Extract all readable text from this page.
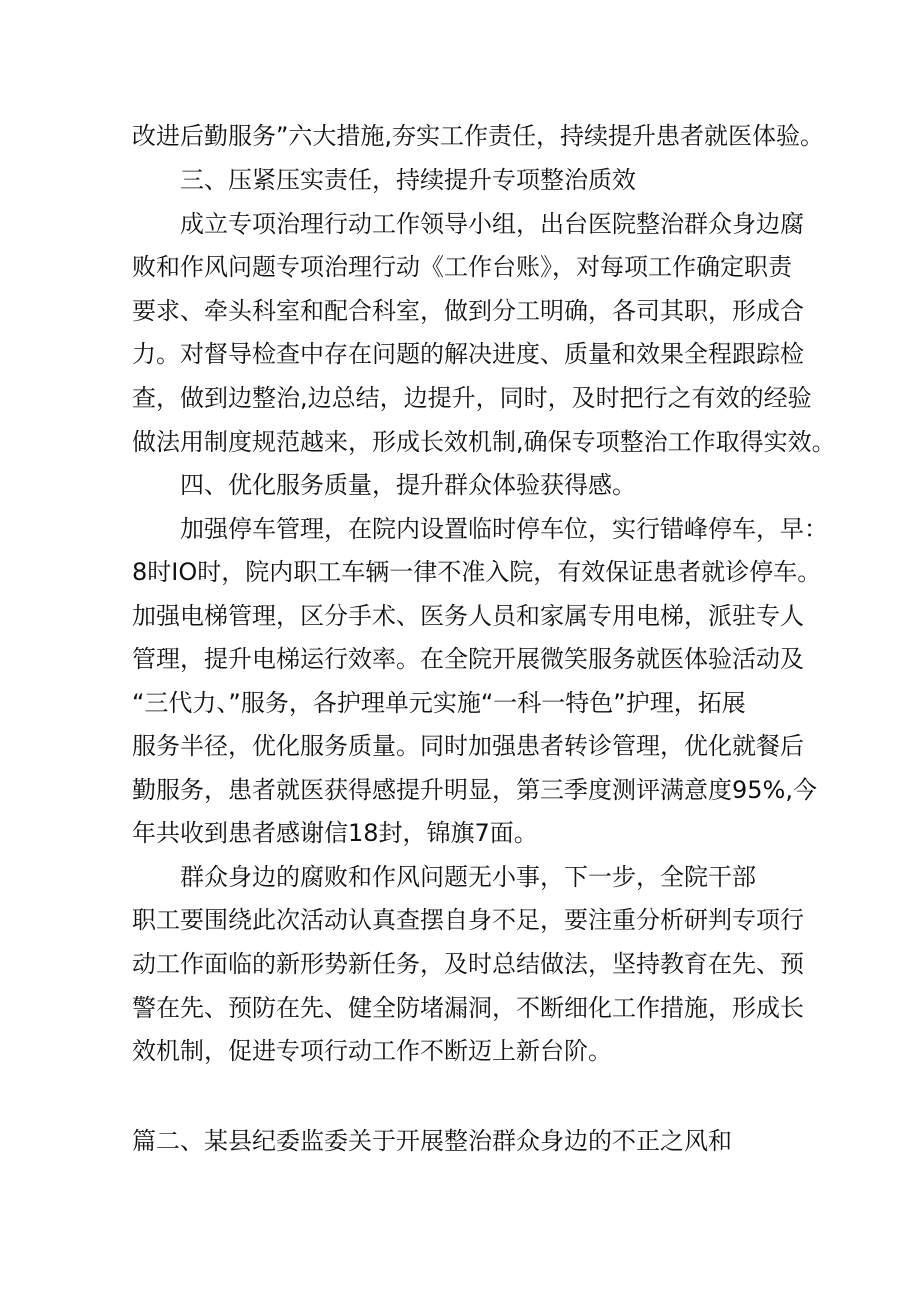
改进后勤服务”六大措施,夯实工作责任，持续提升患者就医体验。
三、压紧压实责任，持续提升专项整治质效
成立专项治理行动工作领导小组，出台医院整治群众身边腐
败和作风问题专项治理行动《工作台账》，对每项工作确定职责
要求、牵头科室和配合科室，做到分工明确，各司其职，形成合
力。对督导检查中存在问题的解决进度、质量和效果全程跟踪检
查，做到边整治,边总结，边提升，同时，及时把行之有效的经验
做法用制度规范越来，形成长效机制,确保专项整治工作取得实效。
四、优化服务质量，提升群众体验获得感。
加强停车管理，在院内设置临时停车位，实行错峰停车，早：
8时IO时，院内职工车辆一律不准入院，有效保证患者就诊停车。
加强电梯管理，区分手术、医务人员和家属专用电梯，派驻专人
管理，提升电梯运行效率。在全院开展微笑服务就医体验活动及
“三代力、”服务，各护理单元实施“一科一特色”护理，拓展
服务半径，优化服务质量。同时加强患者转诊管理，优化就餐后
勤服务，患者就医获得感提升明显，第三季度测评满意度95%,今
年共收到患者感谢信18封，锦旗7面。
群众身边的腐败和作风问题无小事，下一步，全院干部
职工要围绕此次活动认真查摆自身不足，要注重分析研判专项行
动工作面临的新形势新任务，及时总结做法，坚持教育在先、预
警在先、预防在先、健全防堵漏洞，不断细化工作措施，形成长
效机制，促进专项行动工作不断迈上新台阶。
篇二、某县纪委监委关于开展整治群众身边的不正之风和
